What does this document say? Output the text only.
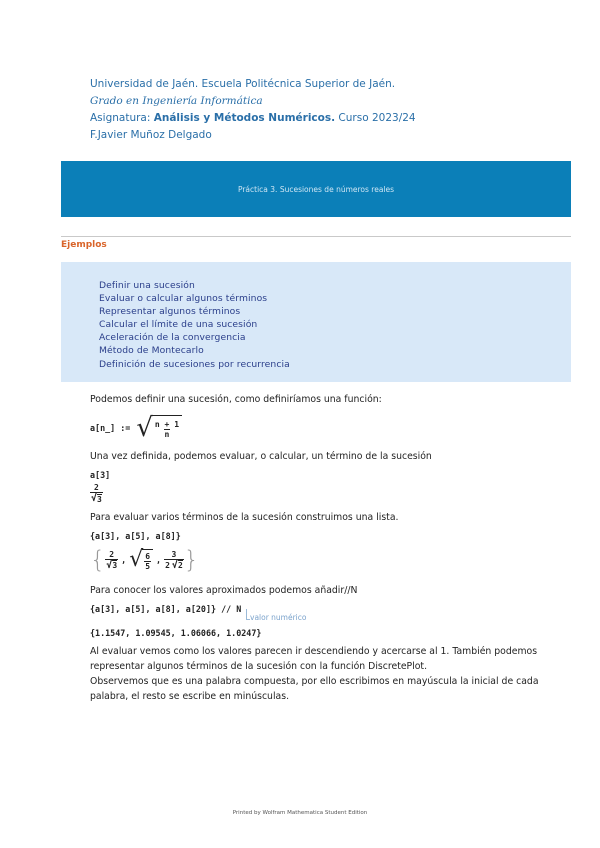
Universidad de Jaén. Escuela Politécnica Superior de Jaén.
Grado en Ingeniería Informática
Asignatura: Análisis y Métodos Numéricos. Curso 2023/24
F.Javier Muñoz Delgado
Práctica 3. Sucesiones de números reales
Ejemplos
Definir una sucesión
Evaluar o calcular algunos términos
Representar algunos términos
Calcular el límite de una sucesión
Aceleración de la convergencia
Método de Montecarlo
Definición de sucesiones por recurrencia
Podemos definir una sucesión, como definiríamos una función:
a[n_] := √ $\frac{n + 1}{n}$
Una vez definida, podemos evaluar, o calcular, un término de la sucesión
a[3]
$\frac{2}{√ 3}$
Para evaluar varios términos de la sucesión construimos una lista.
{a[3], a[5], a[8]}
{ $\frac{2}{√ 3}$ , √ $\frac{6}{5}$ , $\frac{3}{2 √ 2}$ }
Para conocer los valores aproximados podemos añadir//N
{a[3], a[5], a[8], a[20]} // N
valor numérico
{1.1547, 1.09545, 1.06066, 1.0247}
Al evaluar vemos como los valores parecen ir descendiendo y acercarse al 1. También podemos representar algunos términos de la sucesión con la función DiscretePlot.
Observemos que es una palabra compuesta, por ello escribimos en mayúscula la inicial de cada palabra, el resto se escribe en minúsculas.
Printed by Wolfram Mathematica Student Edition
